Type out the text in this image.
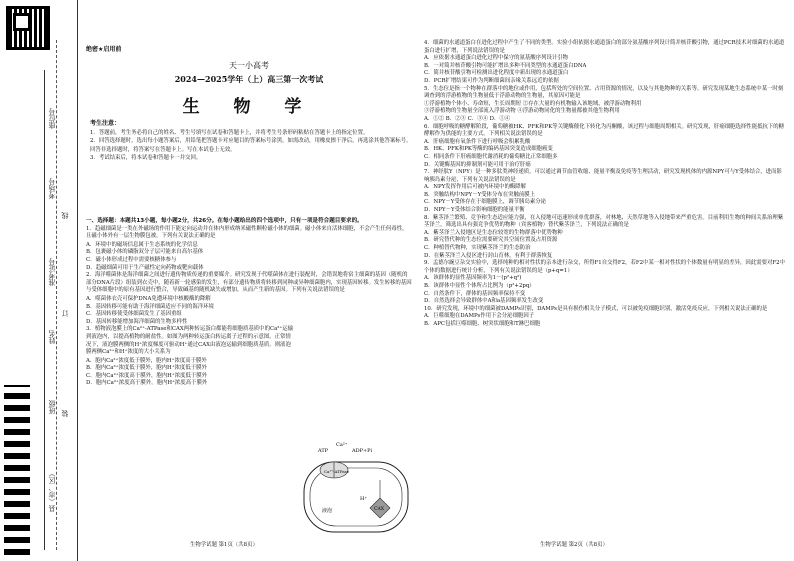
座位号
考场号
准考证号
姓名
班级
县（市、区）
线
订
装
绝密★启用前
天一小高考
2024—2025学年（上）高三第一次考试
生 物 学

考生注意：

1．答题前，考生务必将自己的姓名、考生号填写在试卷和答题卡上，并将考生号条形码粘贴在答题卡上的指定位置。

2．回答选择题时，选出每小题答案后，用铅笔把答题卡对应题目的答案标号涂黑。如需改动，用橡皮擦干净后，再选涂其他答案标号。回答非选择题时，将答案写在答题卡上。写在本试卷上无效。

3．考试结束后，将本试卷和答题卡一并交回。

一、选择题：本题共13小题，每小题2分，共26分。在每小题给出的四个选项中，只有一项是符合题目要求的。

1．趋磁细菌是一类在外磁场的作用下能定向运动并在体内形成纳米磁性颗粒磁小体的细菌。磁小体来自活体细胞，不会产生任何毒性，且磁小体外有一层生物膜包被。下列有关说法正确的是

A．环境中的磁场信息属于生态系统的化学信息

B．包裹磁小体的磷脂双分子层可能来自高尔基体

C．磁小体形成过程中需要核糖体参与

D．趋磁细菌可用于生产磁性定向药物或靶向载体

2．海洋噬菌体是海洋细菌之间进行遗传物质传递的重要媒介。研究发现于代噬菌体在进行装配时，会错误地将宿主细菌的基因（随机的部分DNA片段）组装到衣壳中，随着新一轮感染的发生，有部分遗传物质将转移到同种或异种细菌胞内，实现基因转移。发生转移的基因与受体细胞中的原有基因进行整合，导致碱基的随机缺失或增加，从而产生新的基因。下列有关说法错误的是

A．噬菌体衣壳可保护DNA免遭环境中核酸酶的降解

B．基因转移可能有助于海洋细菌适应不同的海洋环境

C．基因转移使受体细菌发生了基因重组

D．基因转移能增加海洋细菌的生物多样性

3．植物液泡膜上的Ca²⁺-ATPase和CAX两种转运蛋白都能将细胞质基质中的Ca²⁺运输到液泡内，以提高植物的耐盐性。如图为两种转运蛋白转运离子过程的示意图。正常情况下，液泡膜两侧的H⁺浓度梯度可驱动H⁺通过CAX由液泡运输到细胞质基质。则液泡膜两侧Ca²⁺和H⁺浓度的大小关系为

A．胞内Ca²⁺浓度低于膜外，胞内H⁺浓度高于膜外

B．胞内Ca²⁺浓度低于膜外，胞内H⁺浓度低于膜外

C．胞内Ca²⁺浓度高于膜外，胞内H⁺浓度低于膜外

D．胞内Ca²⁺浓度高于膜外，胞内H⁺浓度高于膜外

ATP	ADP+Pi
Ca²⁺
Ca²⁺-ATPase
H⁺
CAX
液泡

4．细菌的水通道蛋白在进化过程中产生了不同的类型。实验小组依据水通道蛋白的部分氨基酸序列设计简并核苷酸引物，通过PCR技术对细菌的水通道蛋白进行扩增，下列说法错误的是

A．应依据水通道蛋白进化过程中保守的氨基酸序列设计引物

B．一对简并核苷酸引物可能扩增出多种不同类型的水通道蛋白DNA

C．简并核苷酸引物可检测出进化程度中新出现的水通道蛋白

D．PCR扩增结果可作为判断细菌间亲缘关系远近的依据

5．生态位是指一个物种在群落中的地位或作用，包括所处的空间位置、占用资源的情况，以及与其他物种的关系等。研究发现某地生态系统中某一时刻调查到的浮游植物的生物量低于浮游动物的生物量，其原因可能是

①浮游植物个体小、寿命短，生长周期短 ②存在大量的有机物输入该地域，被浮游动物利用

③浮游植物的生物量全部流入浮游动物 ④浮游动物同化的生物量都被其他生物利用

A．①② B．②③ C．③④ D．①④

6．细胞呼吸的糖酵解阶段，葡萄糖被HK、PFK和PK等关键酶催化下转化为丙酮酸，该过程与细胞周期相关。研究发现，肝癌细胞选择性能抵抗下的糖酵解作为供能的主要方式。下列相关说法错误的是

A．肝癌细胞有氧条件下进行呼吸会积累乳酸

B．HK、PFK和PK等酶的编码基因突变造成细胞癌变

C．相同条件下肝癌细胞代谢消耗的葡萄糖比正常细胞多

D．关键酶基因的抑制剂可能可用于治疗肝癌

7．神经肽Y（NPY）是一种多肽类神经递质，可以通过调节血管收缩、能量平衡及免疫等生理活动，研究发现机体的内源NPY可与Y受体结合，进而影响胰岛素分泌，下列有关说法错误的是

A．NPY发挥作用后可被内环境中的酶降解

B．突触结构中NPY－Y受体分布在突触前膜上

C．NPY－Y受体存在于细胞膜上，调节胰岛素分泌

D．NPY－Y受体结合影响细胞的能量平衡

8．紫茎泽兰繁殖、竞争和生态适应能力强，在入侵地可迅速形成单优群落，对林地、天然草地等入侵地带来严重危害。目前利用生物的种间关系治理紫茎泽兰，筛选出具有强竞争优势的物种（宾客植物）替代紫茎泽兰，下列说法正确的是

A．紫茎泽兰入侵地区是生态位较宽的生物群落中优势物种

B．研究替代种的生态位需要研究其空间位置及占用资源

C．种植替代物种，实现紫茎泽兰的生态防治

D．在紫茎泽兰入侵区进行封山育林，有利于群落恢复

9．孟德尔豌豆杂交实验中，选择纯种的相对性状的亲本进行杂交，所得F1自交得F2，若F2中某一相对性状的个体数量有明显的差异，因此需要对F2中个体的数据进行统计分析，下列有关说法错误的是（p+q=1）

A．该群体的显性基因频率为1－(p²+q²)

B．该群体中显性个体所占比例为（p²+2pq）

C．自然条件下，群体的基因频率保持不变

D．自然选择会导致群体中A和a基因频率发生改变

10．研究发现，环境中的细菌被DAMPs识别，DAMPs是具有损伤相关分子模式，可以被免疫细胞识别，激活免疫反应，下列相关说法正确的是

A．巨噬细胞在DAMPs作用下会分泌细胞因子

B．APC包括巨噬细胞、树突状细胞和T淋巴细胞

生物学试题 第1页（共8页）	生物学试题 第2页（共8页）
